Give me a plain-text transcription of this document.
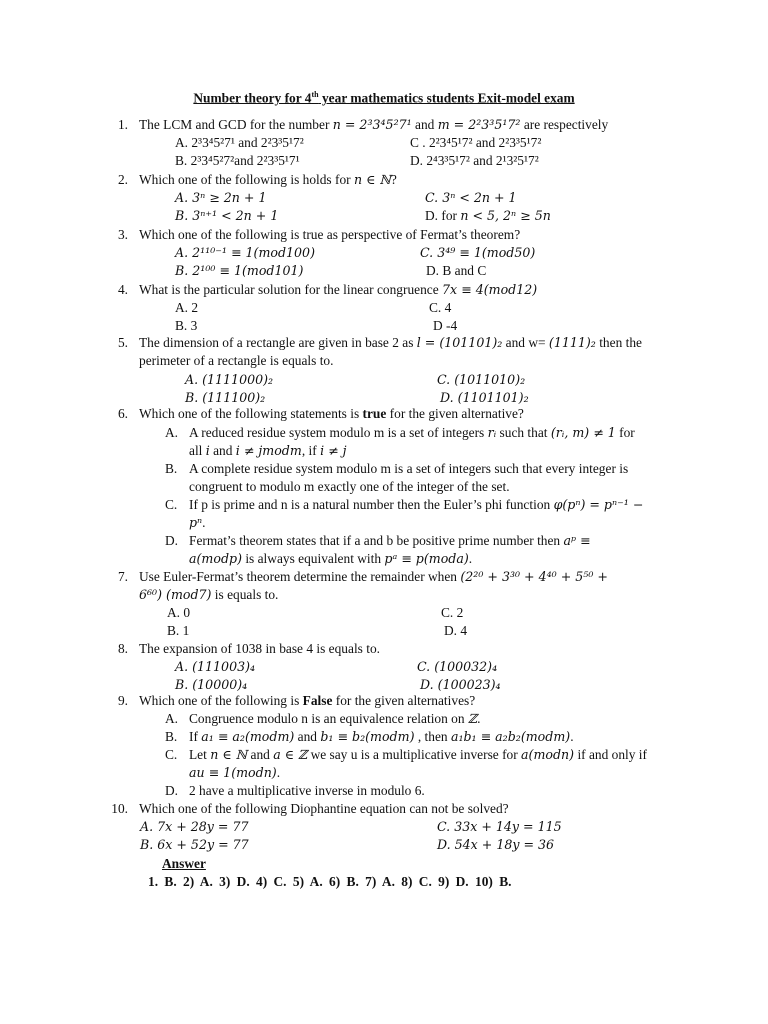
Number theory for 4th year mathematics students Exit-model exam
1. The LCM and GCD for the number n = 2³3⁴5²7¹ and m = 2²3³5¹7² are respectively
A. 2³3⁴5²7¹ and 2²3³5¹7²	C . 2²3⁴5¹7² and 2²3³5¹7²
B. 2³3⁴5²7²and 2²3³5¹7¹	D. 2⁴3³5¹7² and 2¹3²5¹7²
2. Which one of the following is holds for n ∈ ℕ?
A. 3ⁿ ≥ 2n + 1	C. 3ⁿ < 2n + 1
B. 3ⁿ⁺¹ < 2n + 1	D. for n < 5, 2ⁿ ≥ 5n
3. Which one of the following is true as perspective of Fermat’s theorem?
A. 2¹¹⁰⁻¹ ≡ 1(mod100)	C. 3⁴⁹ ≡ 1(mod50)
B. 2¹⁰⁰ ≡ 1(mod101)	D. B and C
4. What is the particular solution for the linear congruence 7x ≡ 4(mod12)
A. 2	C. 4
B. 3	D -4
5. The dimension of a rectangle are given in base 2 as l = (101101)₂ and w= (1111)₂ then the
perimeter of a rectangle is equals to.
A. (1111000)₂	C. (1011010)₂
B. (111100)₂	D. (1101101)₂
6. Which one of the following statements is true for the given alternative?
A. A reduced residue system modulo m is a set of integers rᵢ such that (rᵢ, m) ≠ 1 for
all i and i ≠ jmodm, if i ≠ j
B. A complete residue system modulo m is a set of integers such that every integer is
congruent to modulo m exactly one of the integer of the set.
C. If p is prime and n is a natural number then the Euler’s phi function φ(pⁿ) = pⁿ⁻¹ −
pⁿ.
D. Fermat’s theorem states that if a and b be positive prime number then aᵖ ≡
a(modp) is always equivalent with pᵃ ≡ p(moda).
7. Use Euler-Fermat’s theorem determine the remainder when (2²⁰ + 3³⁰ + 4⁴⁰ + 5⁵⁰ +
6⁶⁰) (mod7) is equals to.
A. 0	C. 2
B. 1	D. 4
8. The expansion of 1038 in base 4 is equals to.
A. (111003)₄	C. (100032)₄
B. (10000)₄	D. (100023)₄
9. Which one of the following is False for the given alternatives?
A. Congruence modulo n is an equivalence relation on ℤ.
B. If a₁ ≡ a₂(modm) and b₁ ≡ b₂(modm) , then a₁b₁ ≡ a₂b₂(modm).
C. Let n ∈ ℕ and a ∈ ℤ we say u is a multiplicative inverse for a(modn) if and only if
au ≡ 1(modn).
D. 2 have a multiplicative inverse in modulo 6.
10. Which one of the following Diophantine equation can not be solved?
A. 7x + 28y = 77	C. 33x + 14y = 115
B. 6x + 52y = 77	D. 54x + 18y = 36
Answer
1. B. 2) A. 3) D. 4) C. 5) A. 6) B. 7) A. 8) C. 9) D. 10) B.
